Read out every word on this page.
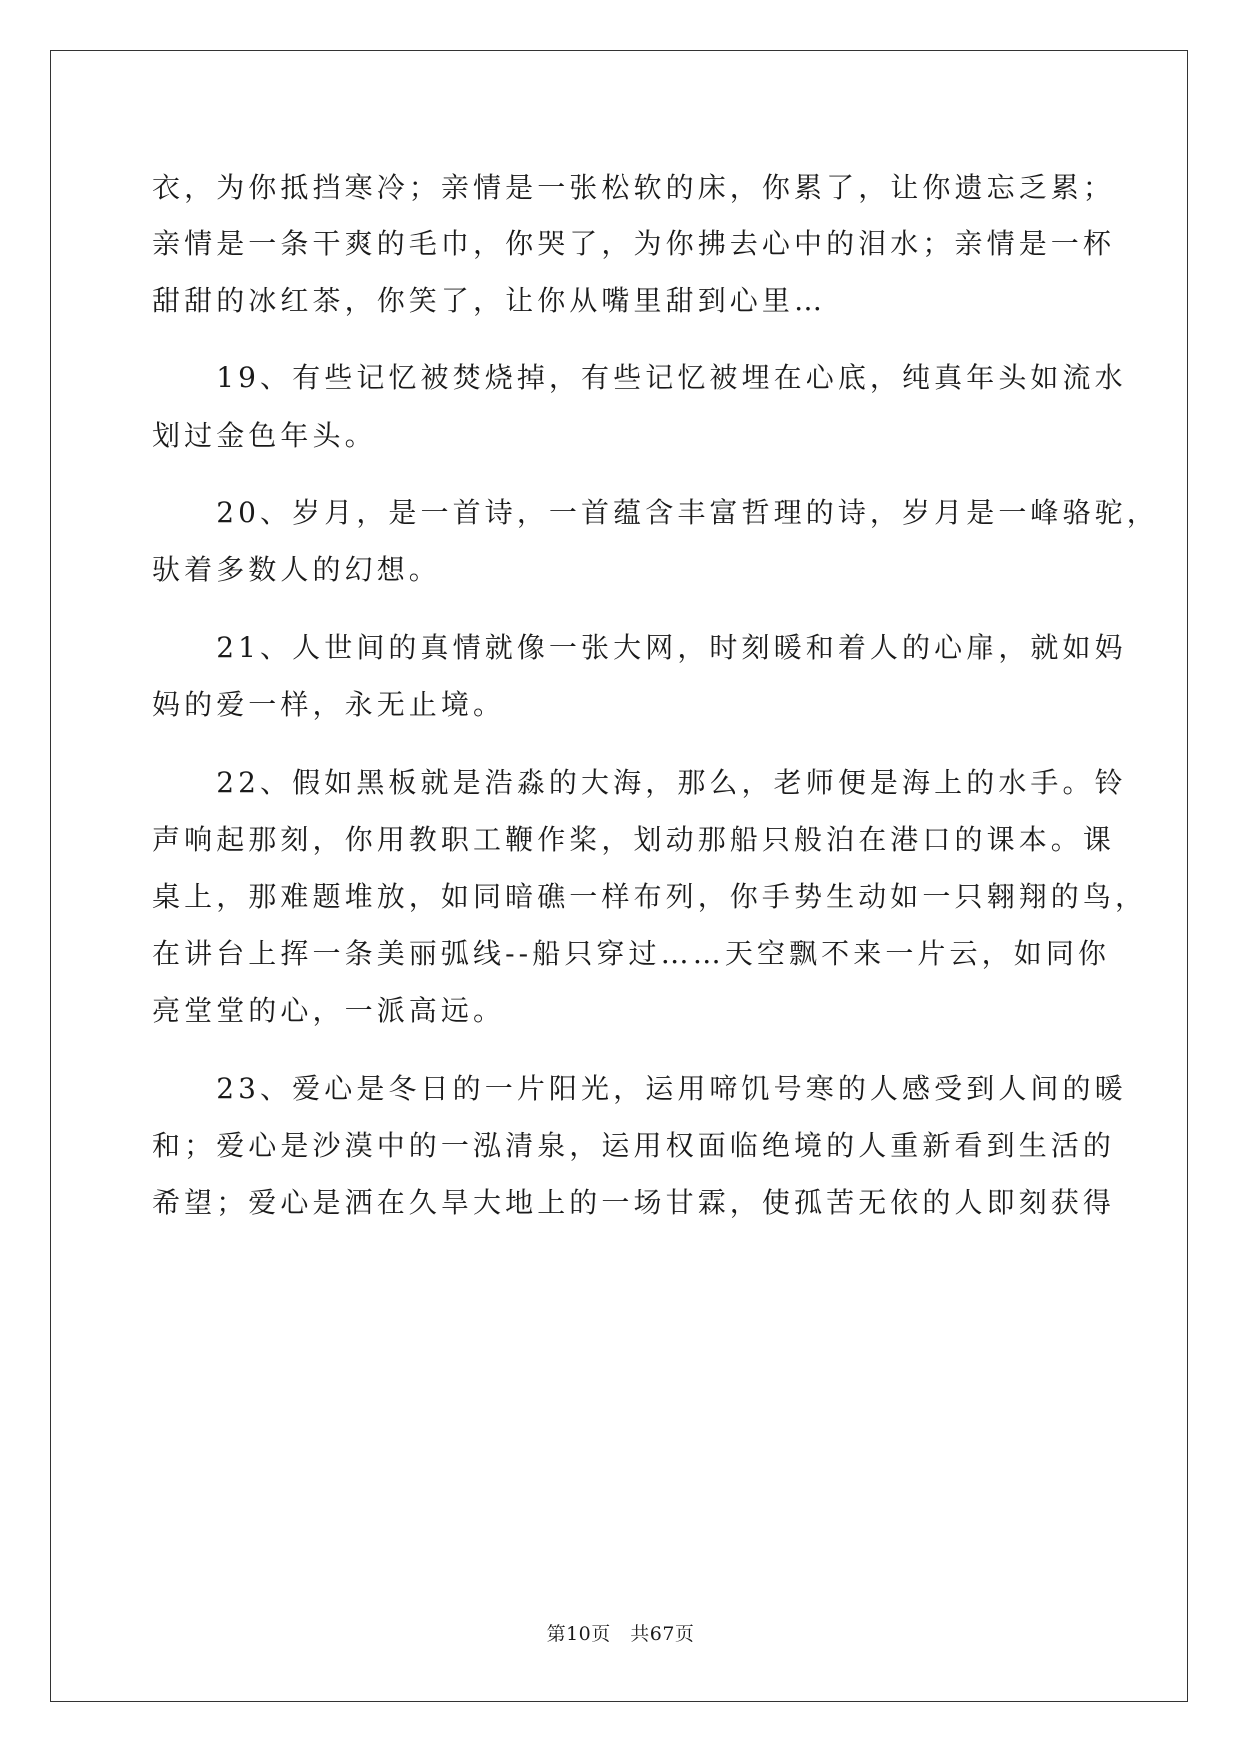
衣，为你抵挡寒冷；亲情是一张松软的床，你累了，让你遗忘乏累；
亲情是一条干爽的毛巾，你哭了，为你拂去心中的泪水；亲情是一杯
甜甜的冰红茶，你笑了，让你从嘴里甜到心里…
　　19、有些记忆被焚烧掉，有些记忆被埋在心底，纯真年头如流水
划过金色年头。
　　20、岁月，是一首诗，一首蕴含丰富哲理的诗，岁月是一峰骆驼，
驮着多数人的幻想。
　　21、人世间的真情就像一张大网，时刻暖和着人的心扉，就如妈
妈的爱一样，永无止境。
　　22、假如黑板就是浩淼的大海，那么，老师便是海上的水手。铃
声响起那刻，你用教职工鞭作桨，划动那船只般泊在港口的课本。课
桌上，那难题堆放，如同暗礁一样布列，你手势生动如一只翱翔的鸟，
在讲台上挥一条美丽弧线--船只穿过……天空飘不来一片云，如同你
亮堂堂的心，一派高远。
　　23、爱心是冬日的一片阳光，运用啼饥号寒的人感受到人间的暖
和；爱心是沙漠中的一泓清泉，运用权面临绝境的人重新看到生活的
希望；爱心是洒在久旱大地上的一场甘霖，使孤苦无依的人即刻获得
第10页　共67页
